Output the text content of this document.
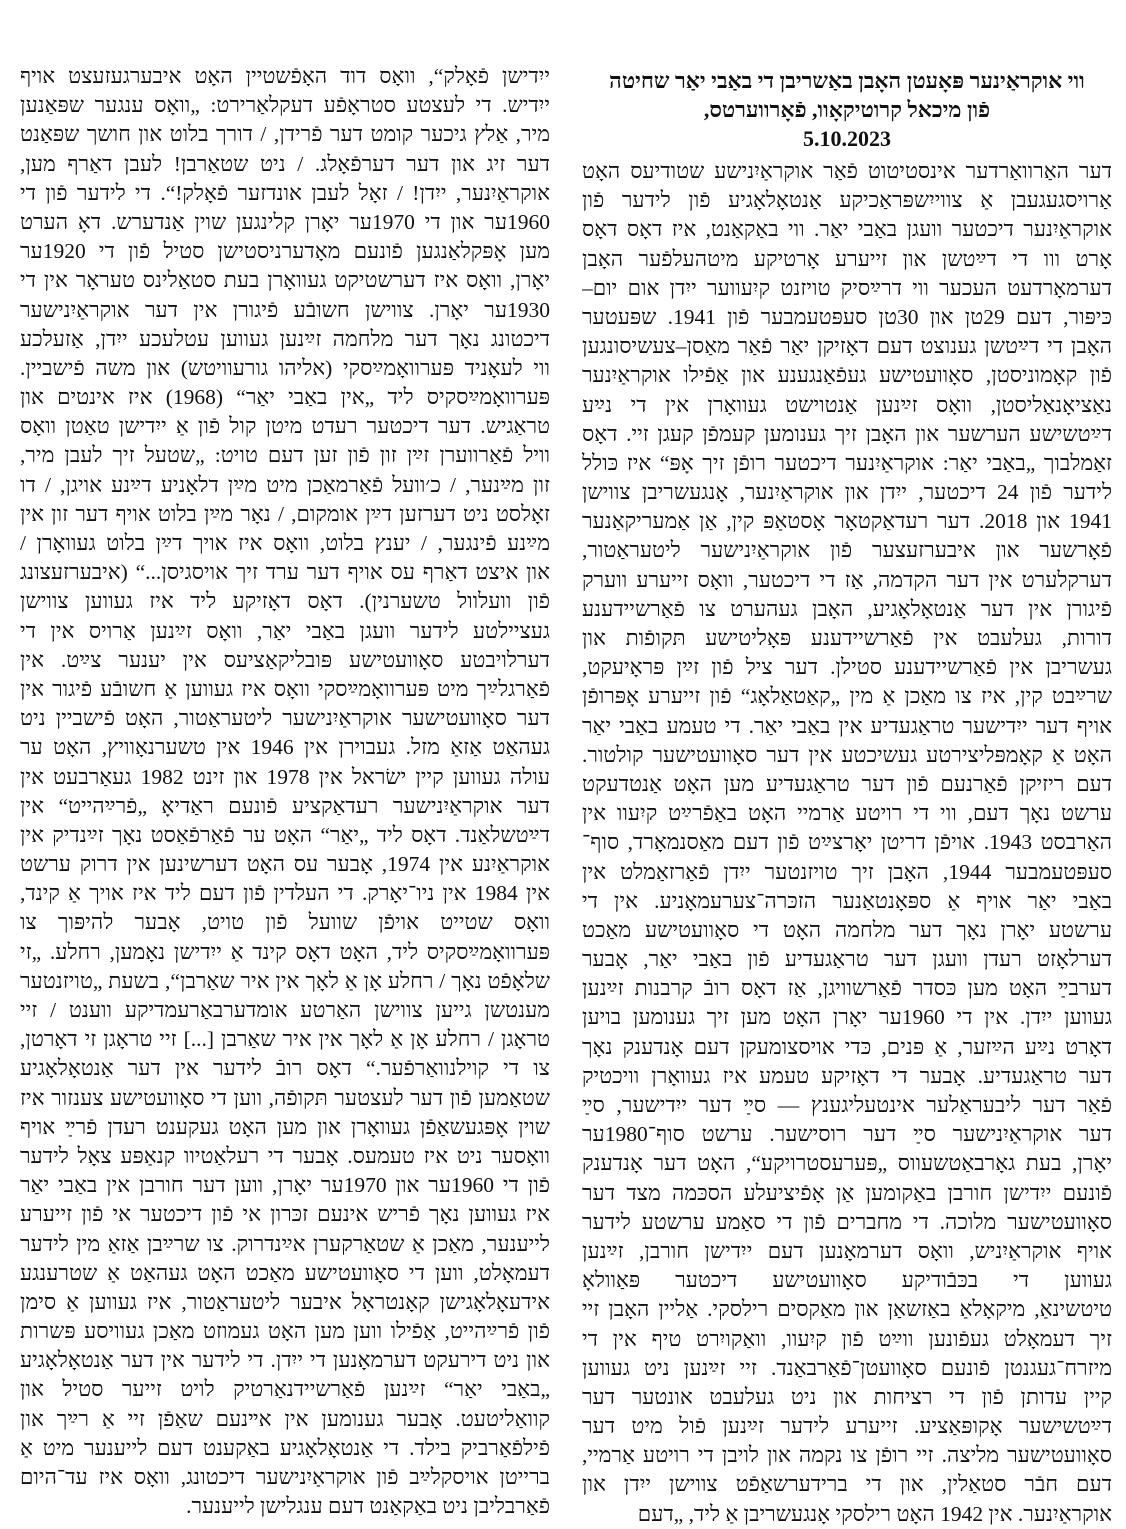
ווי אוקראַינער פּאָעטן האָבן באַשריבן די באַבי יאַר שחיטה
פֿון מיכאל קרוטיקאָוו, פֿאָרווערטס,
5.10.2023
דער האַרוואַרדער אינסטיטוט פֿאַר אוקראַיִנישע שטודיעס האָט
אַרויסגעגעבן אַ צווייִשפּראַכיקע אַנטאָלאָגיע פֿון לידער פֿון
אוקראַיִנער דיכטער וועגן באַבי יאַר. ווי באַקאַנט, איז דאָס דאָס
אָרט ווו די דײַטשן און זייערע אָרטיקע מיטהעלפֿער האָבן
דערמאָרדעט העכער ווי דרײַסיק טויזנט קיִעווער ייִדן אום יום–
כּיפּור, דעם 29טן און 30טן סעפּטעמבער פֿון 1941. שפּעטער
האָבן די דײַטשן גענוצט דעם דאָזיקן יאַר פֿאַר מאַסן–צעשיסונגען
פֿון קאָמוניסטן, סאָוועטישע געפֿאַנגענע און אַפֿילו אוקראַיִנער
נאַציאָנאַליסטן, וואָס זײַנען אַנטוישט געוואָרן אין די נײַע
דײַטשישע הערשער און האָבן זיך גענומען קעמפֿן קעגן זיי. דאָס
זאַמלבוך „באַבי יאַר: אוקראַיִנער דיכטער רופֿן זיך אָפּ“ איז כּולל
לידער פֿון 24 דיכטער, ייִדן און אוקראַיִנער, אָנגעשריבן צווישן
1941 און 2018. דער רעדאַקטאָר אָסטאַפּ קין, אַן אַמעריקאַנער
פֿאָרשער און איבערזעצער פֿון אוקראַיִנישער ליטעראַטור,
דערקלערט אין דער הקדמה, אַז די דיכטער, וואָס זייערע ווערק
פֿיגורן אין דער אַנטאָלאָגיע, האָבן געהערט צו פֿאַרשיידענע
דורות, געלעבט אין פֿאַרשיידענע פּאָליטישע תּקופֿות און
געשריבן אין פֿאַרשיידענע סטילן. דער ציל פֿון זײַן פּראָיעקט,
שרײַבט קין, איז צו מאַכן אַ מין „קאַטאַלאָג“ פֿון זייערע אָפּרופֿן
אויף דער ייִדישער טראַגעדיע אין באַבי יאַר. די טעמע באַבי יאַר
האָט אַ קאָמפּליצירטע געשיכטע אין דער סאָוועטישער קולטור.
דעם ריזיקן פֿאַרנעם פֿון דער טראַגעדיע מען האָט אַנטדעקט
ערשט נאָך דעם, ווי די רויטע אַרמיי האָט באַפֿרײַט קיִעוו אין
האַרבסט 1943. אויפֿן דריטן יאָרצײַט פֿון דעם מאַסנמאָרד, סוף־
סעפּטעמבער 1944, האָבן זיך טויזנטער ייִדן פֿאַרזאַמלט אין
באַבי יאַר אויף אַ ספּאָנטאַנער הזכּרה־צערעמאָניע. אין די
ערשטע יאָרן נאָך דער מלחמה האָט די סאָוועטישע מאַכט
דערלאָזט רעדן וועגן דער טראַגעדיע פֿון באַבי יאַר, אָבער
דערבײַ האָט מען כּסדר פֿאַרשוויגן, אַז דאָס רובֿ קרבנות זײַנען
געווען ייִדן. אין די 1960ער יאָרן האָט מען זיך גענומען בויען
דאָרט נײַע הײַזער, אַ פּנים, כּדי אויסצומעקן דעם אָנדענק נאָך
דער טראַגעדיע. אָבער די דאָזיקע טעמע איז געוואָרן וויכטיק
פֿאַר דער ליבעראַלער אינטעליגענץ — סײַ דער ייִדישער, סײַ
דער אוקראַיִנישער סײַ דער רוסישער. ערשט סוף־1980ער
יאָרן, בעת גאָרבאַטשעווס „פּערעסטרויקע“, האָט דער אָנדענק
פֿונעם ייִדישן חורבן באַקומען אַן אָפֿיציעלע הסכּמה מצד דער
סאָוועטישער מלוכה. די מחברים פֿון די סאַמע ערשטע לידער
אויף אוקראַיִניש, וואָס דערמאָנען דעם ייִדישן חורבן, זײַנען
געווען די בכּבֿודיקע סאָוועטישע דיכטער פּאַוולאָ
טיטשינאַ, מיקאָלאַ באַזשאַן און מאַקסים רילסקי. אַליין האָבן זיי
זיך דעמאָלט געפֿונען ווײַט פֿון קיִעוו, וואַקויִרט טיף אין די
מיזרח־געגנטן פֿונעם סאָוועטן־פֿאַרבאַנד. זיי זײַנען ניט געווען
קיין עדותן פֿון די רציחות און ניט געלעבט אונטער דער
דײַטשישער אָקופּאַציע. זייערע לידער זײַנען פֿול מיט דער
סאָוועטישער מליצה. זיי רופֿן צו נקמה און לויבן די רויטע אַרמיי,
דעם חבֿר סטאַלין, און די ברידערשאַפֿט צווישן ייִדן און
אוקראַיִנער. אין 1942 האָט רילסקי אָנגעשריבן אַ ליד, „דעם
ייִדישן פֿאָלק“, וואָס דוד האָפֿשטיין האָט איבערגעזעצט אויף
ייִדיש. די לעצטע סטראָפֿע דעקלאַרירט: „וואָס ענגער שפּאַנען
מיר, אַלץ גיכער קומט דער פֿרידן, / דורך בלוט און חושך שפּאַנט
דער זיג און דער דערפֿאָלג. / ניט שטאַרבן! לעבן דאַרף מען,
אוקראַיִנער, ייִדן! / זאָל לעבן אונדזער פֿאָלק!“. די לידער פֿון די
1960ער און די 1970ער יאָרן קלינגען שוין אַנדערש. דאָ הערט
מען אָפּקלאַנגען פֿונעם מאָדערניסטישן סטיל פֿון די 1920ער
יאָרן, וואָס איז דערשטיקט געוואָרן בעת סטאַלינס טעראָר אין די
1930ער יאָרן. צווישן חשובֿע פֿיגורן אין דער אוקראַיִנישער
דיכטונג נאָך דער מלחמה זײַנען געווען עטלעכע ייִדן, אַזעלכע
ווי לעאָניד פּערוואָמײַסקי (אליהו גורעוויטש) און משה פֿישביין.
פּערוואָמײַסקיס ליד „אין באַבי יאַר“ (1968) איז אינטים און
טראַגיש. דער דיכטער רעדט מיטן קול פֿון אַ ייִדישן טאַטן וואָס
וויל פֿאַרווערן זײַן זון פֿון זען דעם טויט: „שטעל זיך לעבן מיר,
זון מײַנער, / כ׳וועל פֿאַרמאַכן מיט מײַן דלאָניע דײַנע אויגן, / דו
זאָלסט ניט דערזען דײַן אומקום, / נאָר מײַן בלוט אויף דער זון אין
מײַנע פֿינגער, / יענץ בלוט, וואָס איז אויך דײַן בלוט געוואָרן /
און איצט דאַרף עס אויף דער ערד זיך אויסגיסן...“ (איבערזעצונג
פֿון וועלוול טשערנין). דאָס דאָזיקע ליד איז געווען צווישן
געציילטע לידער וועגן באַבי יאַר, וואָס זײַנען אַרויס אין די
דערלויבטע סאָוועטישע פּובליקאַציעס אין יענער צײַט. אין
פֿאַרגלײַך מיט פּערוואָמײַסקי וואָס איז געווען אַ חשובֿע פֿיגור אין
דער סאָוועטישער אוקראַיִנישער ליטעראַטור, האָט פֿישביין ניט
געהאַט אַזאַ מזל. געבוירן אין 1946 אין טשערנאָוויץ, האָט ער
עולה געווען קיין ישׂראל אין 1978 און זינט 1982 געאַרבעט אין
דער אוקראַיִנישער רעדאַקציע פֿונעם ראַדיאָ „פֿרײַהייט“ אין
דײַטשלאַנד. דאָס ליד „יאַר“ האָט ער פֿאַרפֿאַסט נאָך זײַנדיק אין
אוקראַיִנע אין 1974, אָבער עס האָט דערשינען אין דרוק ערשט
אין 1984 אין ניו־יאָרק. די העלדין פֿון דעם ליד איז אויך אַ קינד,
וואָס שטייט אויפֿן שוועל פֿון טויט, אָבער להיפּוך צו
פּערוואָמײַסקיס ליד, האָט דאָס קינד אַ ייִדישן נאָמען, רחלע. „זי
שלאָפֿט נאָך / רחלע אָן אַ לאָך אין איר שאַרבן“, בשעת „טויזנטער
מענטשן גייען צווישן האַרטע אומדערבאַרעמדיקע ווענט / זיי
טראָגן / רחלע אָן אַ לאָך אין איר שאַרבן [...] זיי טראָגן זי דאָרטן,
צו די קוילנוואַרפֿער.“ דאָס רובֿ לידער אין דער אַנטאָלאָגיע
שטאַמען פֿון דער לעצטער תּקופֿה, ווען די סאָוועטישע צענזור איז
שוין אָפּגעשאַפֿן געוואָרן און מען האָט געקענט רעדן פֿרײַ אויף
וואָסער ניט איז טעמעס. אָבער די רעלאַטיוו קנאַפּע צאָל לידער
פֿון די 1960ער און 1970ער יאָרן, ווען דער חורבן אין באַבי יאַר
איז געווען נאָך פֿריש אינעם זכּרון אי פֿון דיכטער אי פֿון זייערע
לייענער, מאַכן אַ שטאַרקערן אײַנדרוק. צו שרײַבן אַזאַ מין לידער
דעמאָלט, ווען די סאָוועטישע מאַכט האָט געהאַט אַ שטרענגע
אידעאָלאָגישן קאָנטראָל איבער ליטעראַטור, איז געווען אַ סימן
פֿון פֿרײַהייט, אַפֿילו ווען מען האָט געמוזט מאַכן געוויסע פּשרות
און ניט דירעקט דערמאָנען די ייִדן. די לידער אין דער אַנטאָלאָגיע
„באַבי יאַר“ זײַנען פֿאַרשיידנאַרטיק לויט זייער סטיל און
קוואַליטעט. אָבער גענומען אין אײנעם שאַפֿן זיי אַ רײַך און
פֿילפֿאַרביק בילד. די אַנטאָלאָגיע באַקענט דעם לייענער מיט אַ
ברייטן אויסקלײַב פֿון אוקראַיִנישער דיכטונג, וואָס איז עד־היום
פֿאַרבליבן ניט באַקאַנט דעם ענגלישן לייענער.
